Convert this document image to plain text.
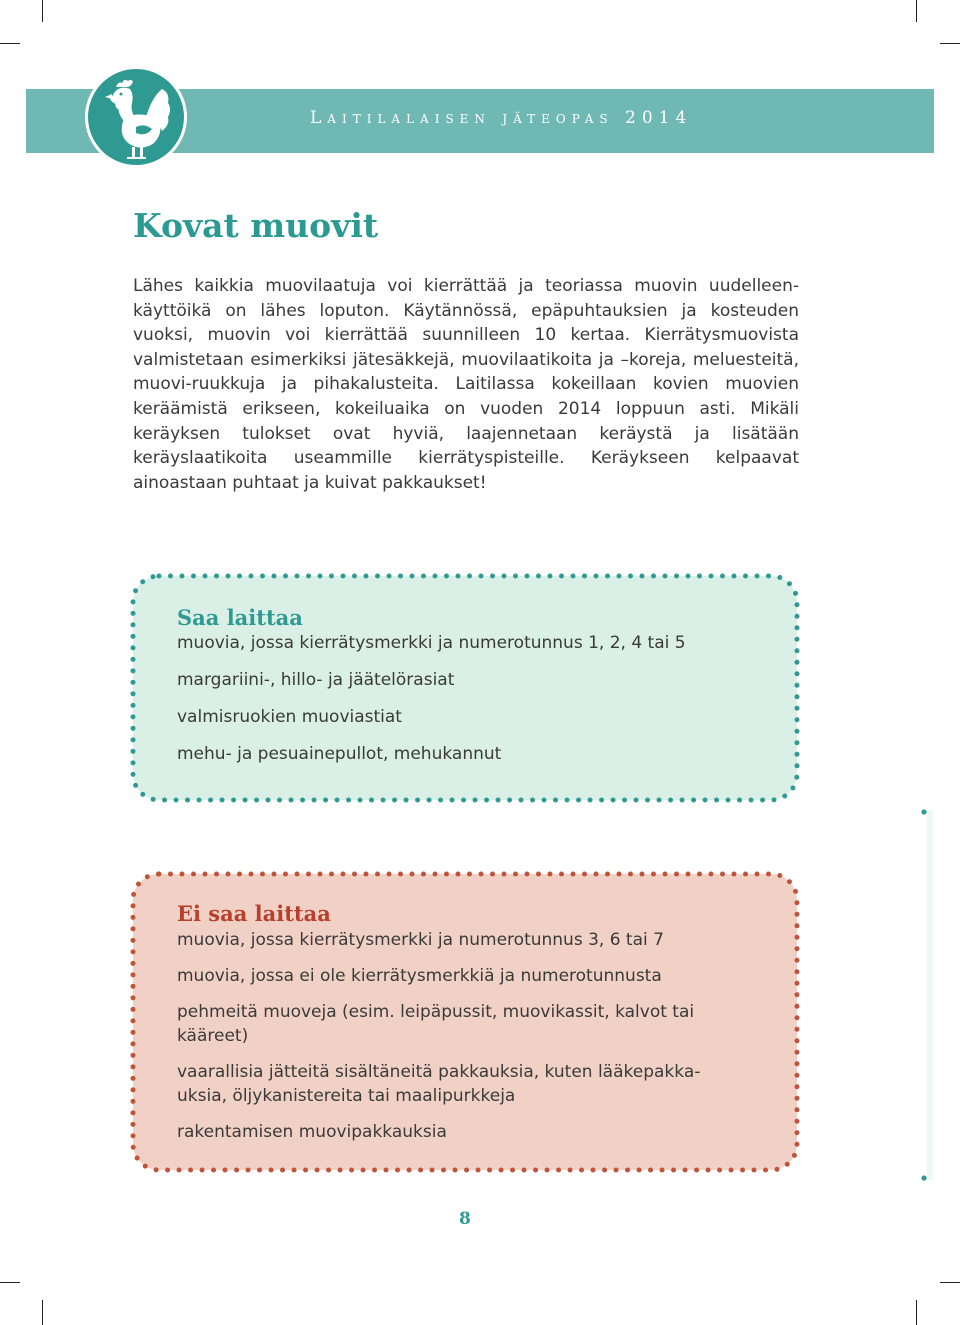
Laitilalaisen jäteopas 2014
Kovat muovit

Lähes kaikkia muovilaatuja voi kierrättää ja teoriassa muovin uudelleen-käyttöikä on lähes loputon. Käytännössä, epäpuhtauksien ja kosteuden vuoksi, muovin voi kierrättää suunnilleen 10 kertaa. Kierrätysmuovista valmistetaan esimerkiksi jätesäkkejä, muovilaatikoita ja –koreja, meluesteitä, muovi-ruukkuja ja pihakalusteita. Laitilassa kokeillaan kovien muovien keräämistä erikseen, kokeiluaika on vuoden 2014 loppuun asti. Mikäli keräyksen tulokset ovat hyviä, laajennetaan keräystä ja lisätään keräyslaatikoita useammille kierrätyspisteille. Keräykseen kelpaavat ainoastaan puhtaat ja kuivat pakkaukset!

Saa laittaa
muovia, jossa kierrätysmerkki ja numerotunnus 1, 2, 4 tai 5
margariini-, hillo- ja jäätelörasiat
valmisruokien muoviastiat
mehu- ja pesuainepullot, mehukannut
Ei saa laittaa
muovia, jossa kierrätysmerkki ja numerotunnus 3, 6 tai 7
muovia, jossa ei ole kierrätysmerkkiä ja numerotunnusta
pehmeitä muoveja (esim. leipäpussit, muovikassit, kalvot tai kääreet)
vaarallisia jätteitä sisältäneitä pakkauksia, kuten lääkepakka-uksia, öljykanistereita tai maalipurkkeja
rakentamisen muovipakkauksia
8
